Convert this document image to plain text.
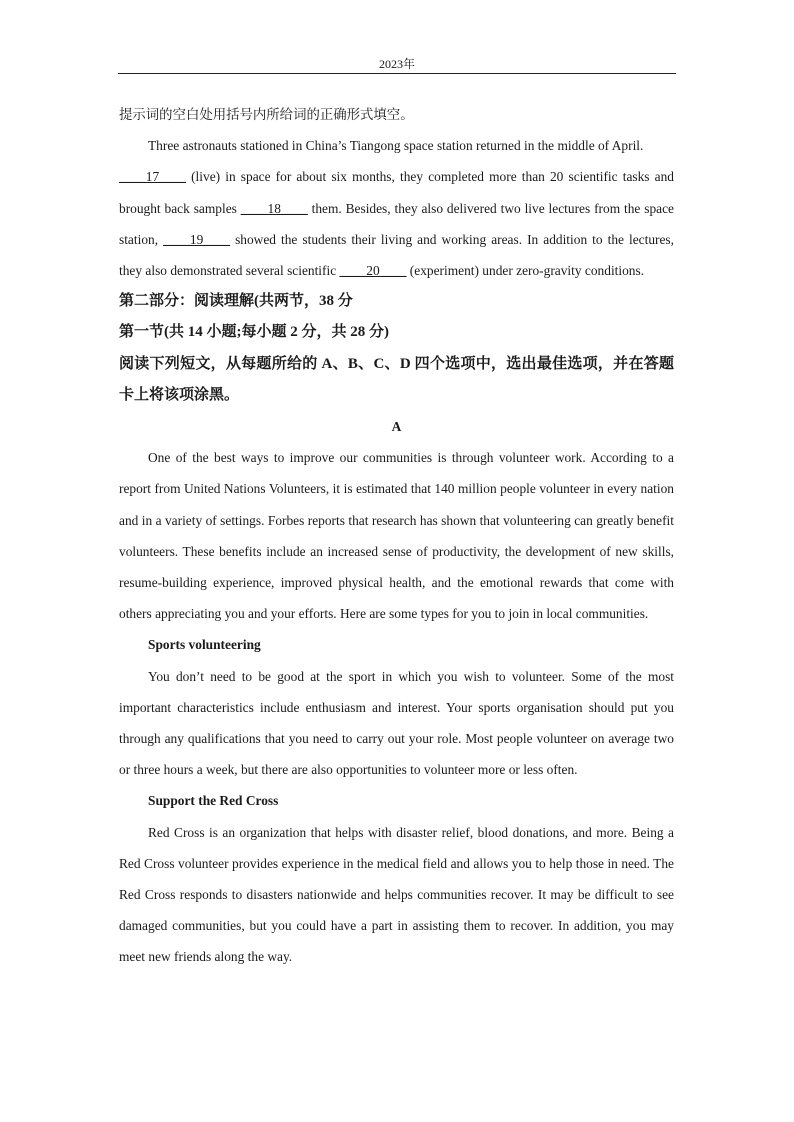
2023年

提示词的空白处用括号内所给词的正确形式填空。

Three astronauts stationed in China’s Tiangong space station returned in the middle of April.
____17____ (live) in space for about six months, they completed more than 20 scientific tasks and brought back samples ____18____ them. Besides, they also delivered two live lectures from the space station, ____19____ showed the students their living and working areas. In addition to the lectures, they also demonstrated several scientific ____20____ (experiment) under zero-gravity conditions.

第二部分：阅读理解(共两节，38 分

第一节(共 14 小题;每小题 2 分，共 28 分)

阅读下列短文，从每题所给的 A、B、C、D 四个选项中，选出最佳选项，并在答题卡上将该项涂黑。

A

One of the best ways to improve our communities is through volunteer work. According to a report from United Nations Volunteers, it is estimated that 140 million people volunteer in every nation and in a variety of settings. Forbes reports that research has shown that volunteering can greatly benefit volunteers. These benefits include an increased sense of productivity, the development of new skills, resume-building experience, improved physical health, and the emotional rewards that come with others appreciating you and your efforts. Here are some types for you to join in local communities.

Sports volunteering

You don’t need to be good at the sport in which you wish to volunteer. Some of the most important characteristics include enthusiasm and interest. Your sports organisation should put you through any qualifications that you need to carry out your role. Most people volunteer on average two or three hours a week, but there are also opportunities to volunteer more or less often.

Support the Red Cross

Red Cross is an organization that helps with disaster relief, blood donations, and more. Being a Red Cross volunteer provides experience in the medical field and allows you to help those in need. The Red Cross responds to disasters nationwide and helps communities recover. It may be difficult to see damaged communities, but you could have a part in assisting them to recover. In addition, you may meet new friends along the way.
